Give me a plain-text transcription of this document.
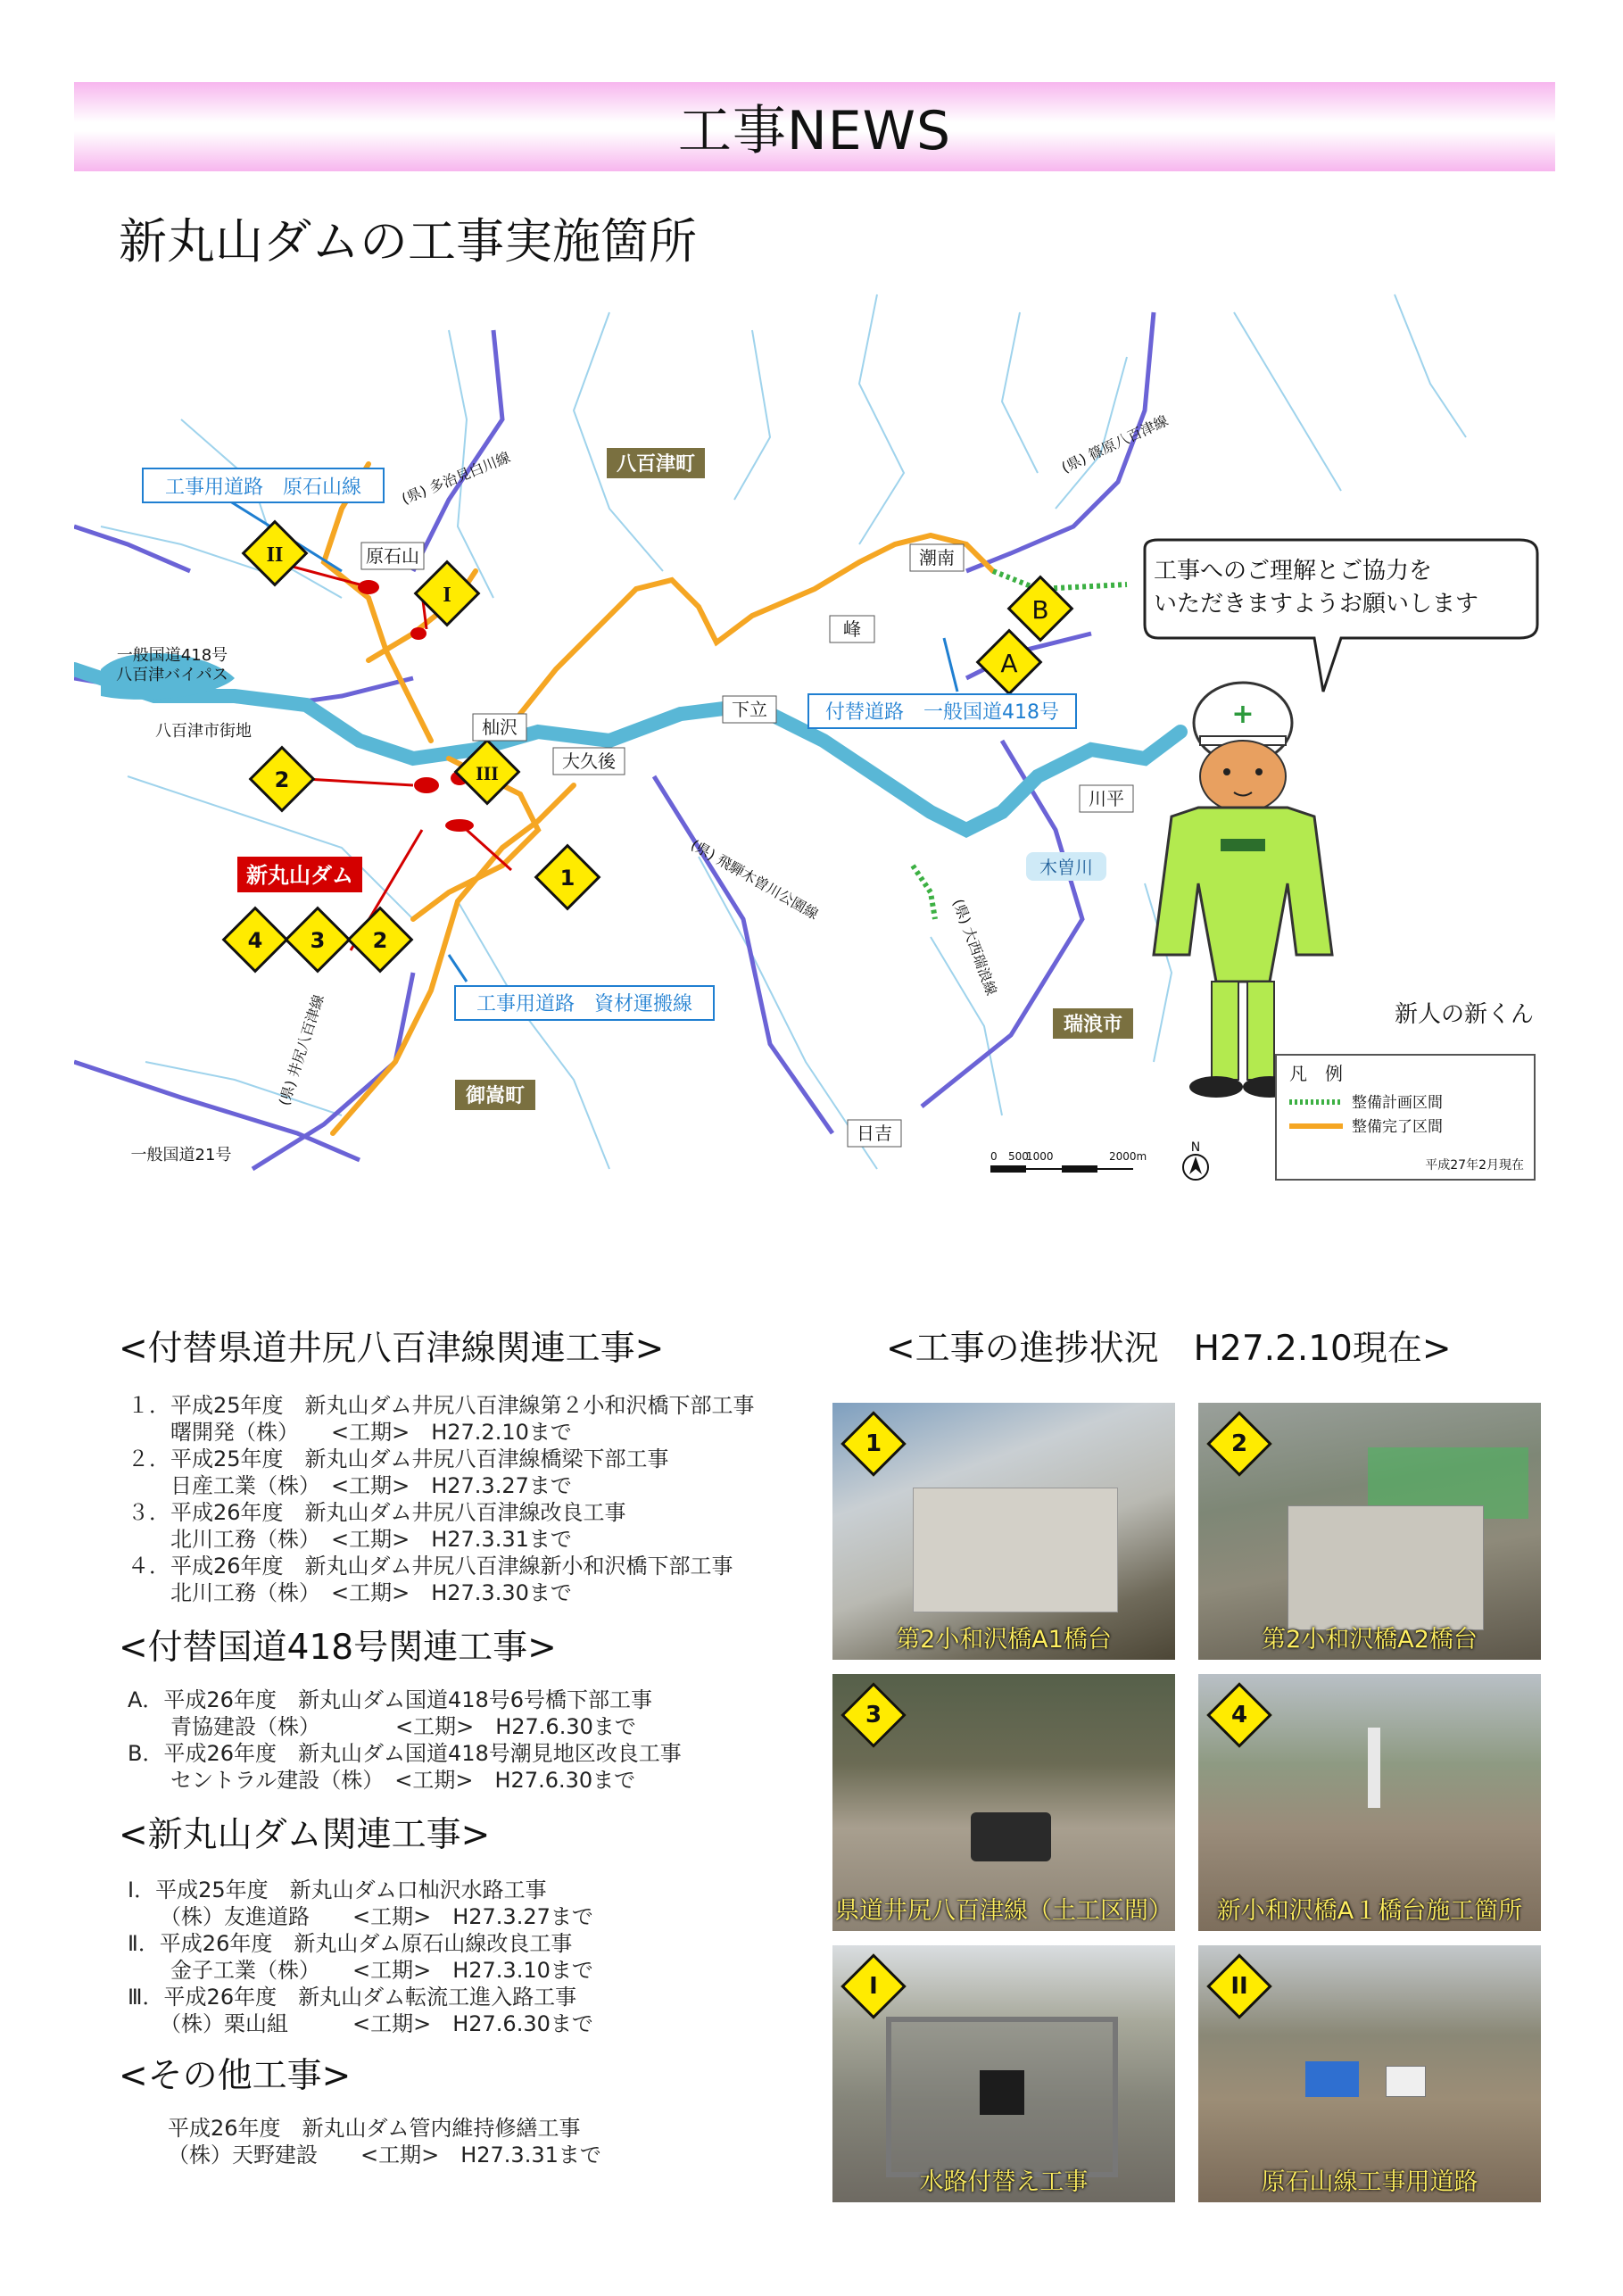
工事NEWS
新丸山ダムの工事実施箇所
II
I
III
2
1
4 3 2
A
B
工事用道路　原石山線
付替道路　一般国道418号
工事用道路　資材運搬線
新丸山ダム
八百津町
御嵩町
瑞浪市
原石山	潮南
峰
下立
杣沢
大久後
川平
日吉
木曽川
一般国道418号
八百津バイパス
八百津市街地
一般国道21号
(県) 多治見白川線
(県) 篠原八百津線
(県) 飛騨木曽川公園線
(県) 大西瑞浪線
(県) 井尻八百津線
工事へのご理解とご協力を
いただきますようお願いします
+
新人の新くん
凡　例
整備計画区間
整備完了区間
平成27年2月現在
0 500
1000	2000m
N
<付替県道井尻八百津線関連工事>
１．平成25年度　新丸山ダム井尻八百津線第２小和沢橋下部工事
　　曙開発（株）　　<工期>　H27.2.10まで
２．平成25年度　新丸山ダム井尻八百津線橋梁下部工事
　　日産工業（株）　<工期>　H27.3.27まで
３．平成26年度　新丸山ダム井尻八百津線改良工事
　　北川工務（株）　<工期>　H27.3.31まで
４．平成26年度　新丸山ダム井尻八百津線新小和沢橋下部工事
　　北川工務（株）　<工期>　H27.3.30まで
<付替国道418号関連工事>
A．平成26年度　新丸山ダム国道418号6号橋下部工事
　　青協建設（株）　　　　<工期>　H27.6.30まで
B．平成26年度　新丸山ダム国道418号潮見地区改良工事
　　セントラル建設（株）　<工期>　H27.6.30まで
<新丸山ダム関連工事>
Ⅰ．平成25年度　新丸山ダム口杣沢水路工事
　　（株）友進道路　　<工期>　H27.3.27まで
Ⅱ．平成26年度　新丸山ダム原石山線改良工事
　　金子工業（株）　　<工期>　H27.3.10まで
Ⅲ．平成26年度　新丸山ダム転流工進入路工事
　　（株）栗山組　　　<工期>　H27.6.30まで
<その他工事>
平成26年度　新丸山ダム管内維持修繕工事
（株）天野建設　　<工期>　H27.3.31まで
<工事の進捗状況　H27.2.10現在>
1
第2小和沢橋A1橋台
2
第2小和沢橋A2橋台
3
県道井尻八百津線（土工区間）
4
新小和沢橋A１橋台施工箇所
I
水路付替え工事
II
原石山線工事用道路
